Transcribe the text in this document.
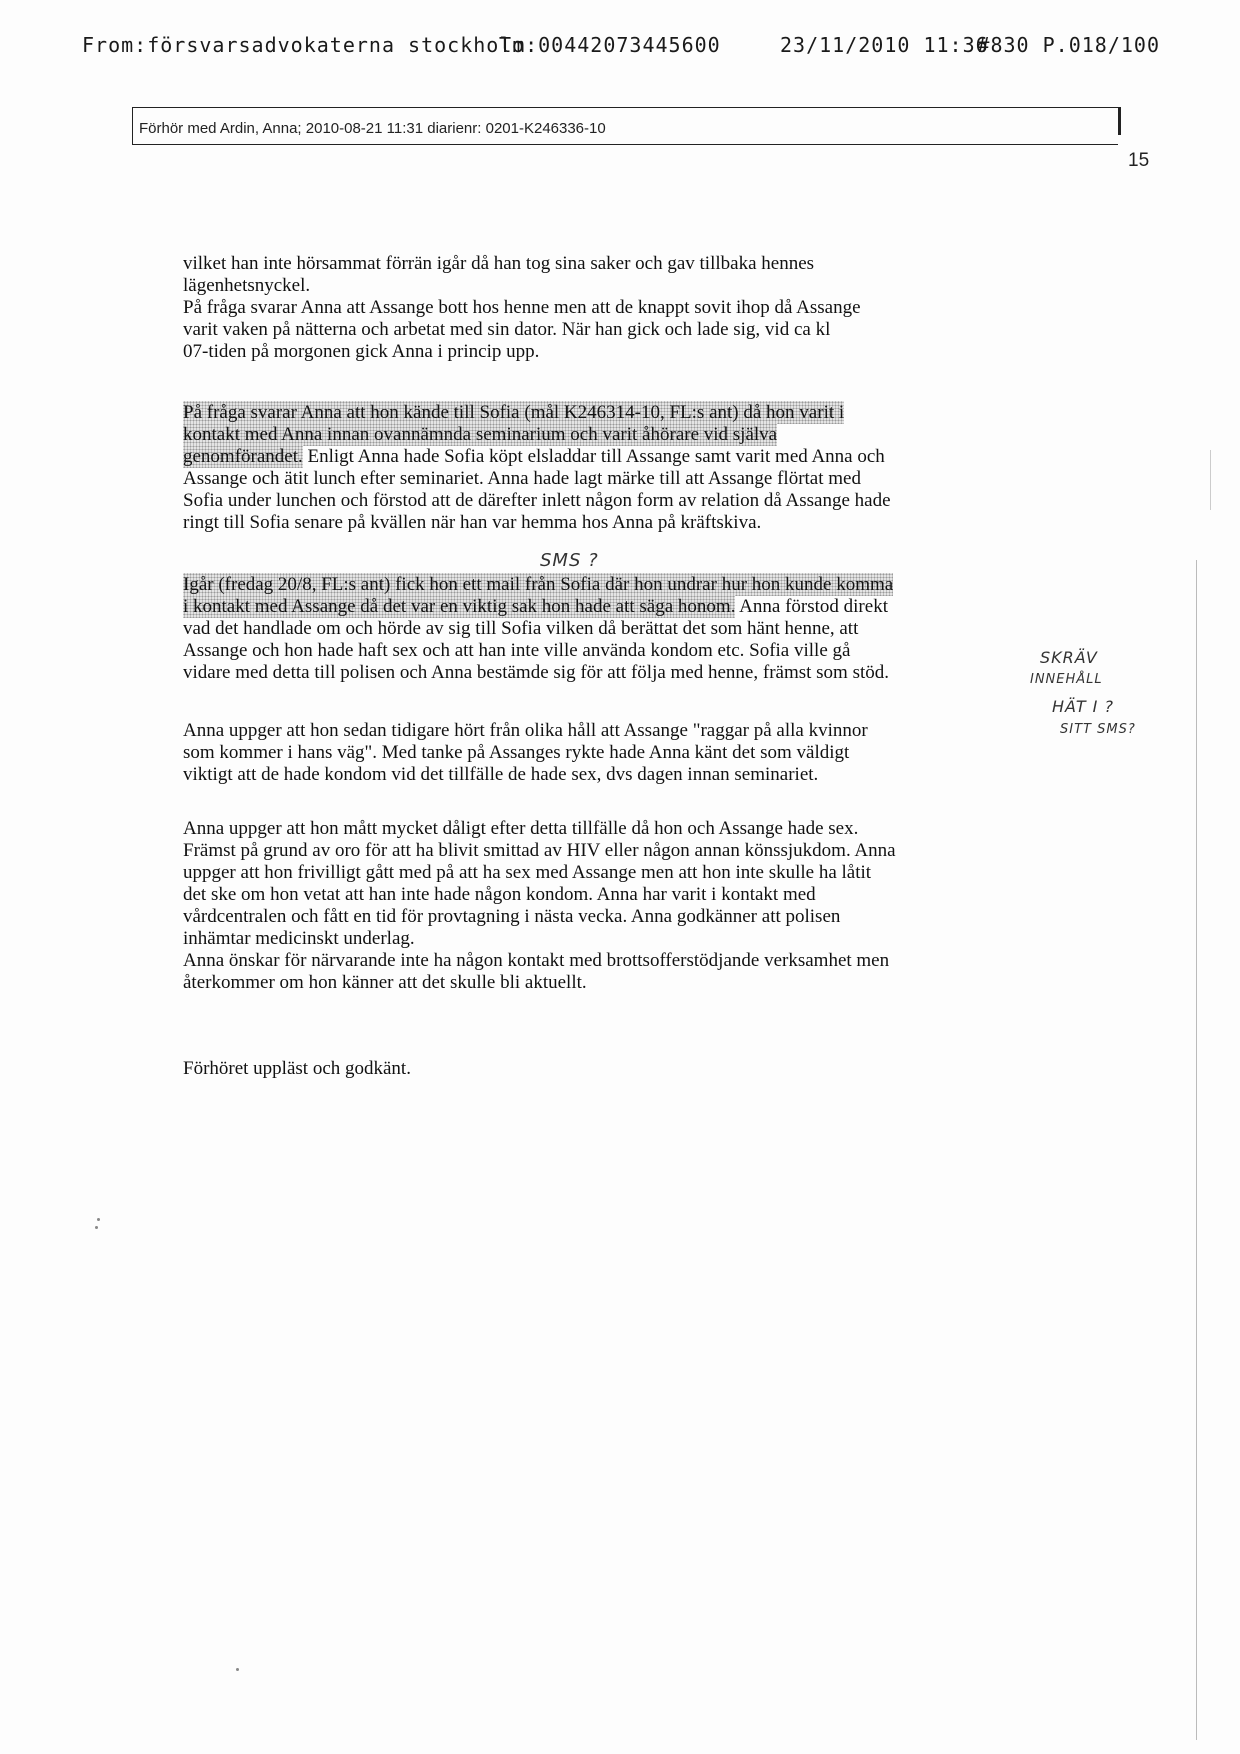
From:försvarsadvokaterna stockholm
To:00442073445600	23/11/2010 11:36
#830 P.018/100
Förhör med Ardin, Anna; 2010-08-21 11:31 diarienr: 0201-K246336-10
15

vilket han inte hörsammat förrän igår då han tog sina saker och gav tillbaka hennes

lägenhetsnyckel.

På fråga svarar Anna att Assange bott hos henne men att de knappt sovit ihop då Assange

varit vaken på nätterna och arbetat med sin dator. När han gick och lade sig, vid ca kl

07-tiden på morgonen gick Anna i princip upp.

På fråga svarar Anna att hon kände till Sofia (mål K246314-10, FL:s ant) då hon varit i

kontakt med Anna innan ovannämnda seminarium och varit åhörare vid själva

genomförandet. Enligt Anna hade Sofia köpt elsladdar till Assange samt varit med Anna och

Assange och ätit lunch efter seminariet. Anna hade lagt märke till att Assange flörtat med

Sofia under lunchen och förstod att de därefter inlett någon form av relation då Assange hade

ringt till Sofia senare på kvällen när han var hemma hos Anna på kräftskiva.

SMS ?

Igår (fredag 20/8, FL:s ant) fick hon ett mail från Sofia där hon undrar hur hon kunde komma

i kontakt med Assange då det var en viktig sak hon hade att säga honom. Anna förstod direkt

vad det handlade om och hörde av sig till Sofia vilken då berättat det som hänt henne, att

Assange och hon hade haft sex och att han inte ville använda kondom etc. Sofia ville gå

vidare med detta till polisen och Anna bestämde sig för att följa med henne, främst som stöd.

SKRÄV
INNEHÅLL
HÄT I ?
SITT SMS?

Anna uppger att hon sedan tidigare hört från olika håll att Assange "raggar på alla kvinnor

som kommer i hans väg". Med tanke på Assanges rykte hade Anna känt det som väldigt

viktigt att de hade kondom vid det tillfälle de hade sex, dvs dagen innan seminariet.

Anna uppger att hon mått mycket dåligt efter detta tillfälle då hon och Assange hade sex.

Främst på grund av oro för att ha blivit smittad av HIV eller någon annan könssjukdom. Anna

uppger att hon frivilligt gått med på att ha sex med Assange men att hon inte skulle ha låtit

det ske om hon vetat att han inte hade någon kondom. Anna har varit i kontakt med

vårdcentralen och fått en tid för provtagning i nästa vecka. Anna godkänner att polisen

inhämtar medicinskt underlag.

Anna önskar för närvarande inte ha någon kontakt med brottsofferstödjande verksamhet men

återkommer om hon känner att det skulle bli aktuellt.

Förhöret uppläst och godkänt.
